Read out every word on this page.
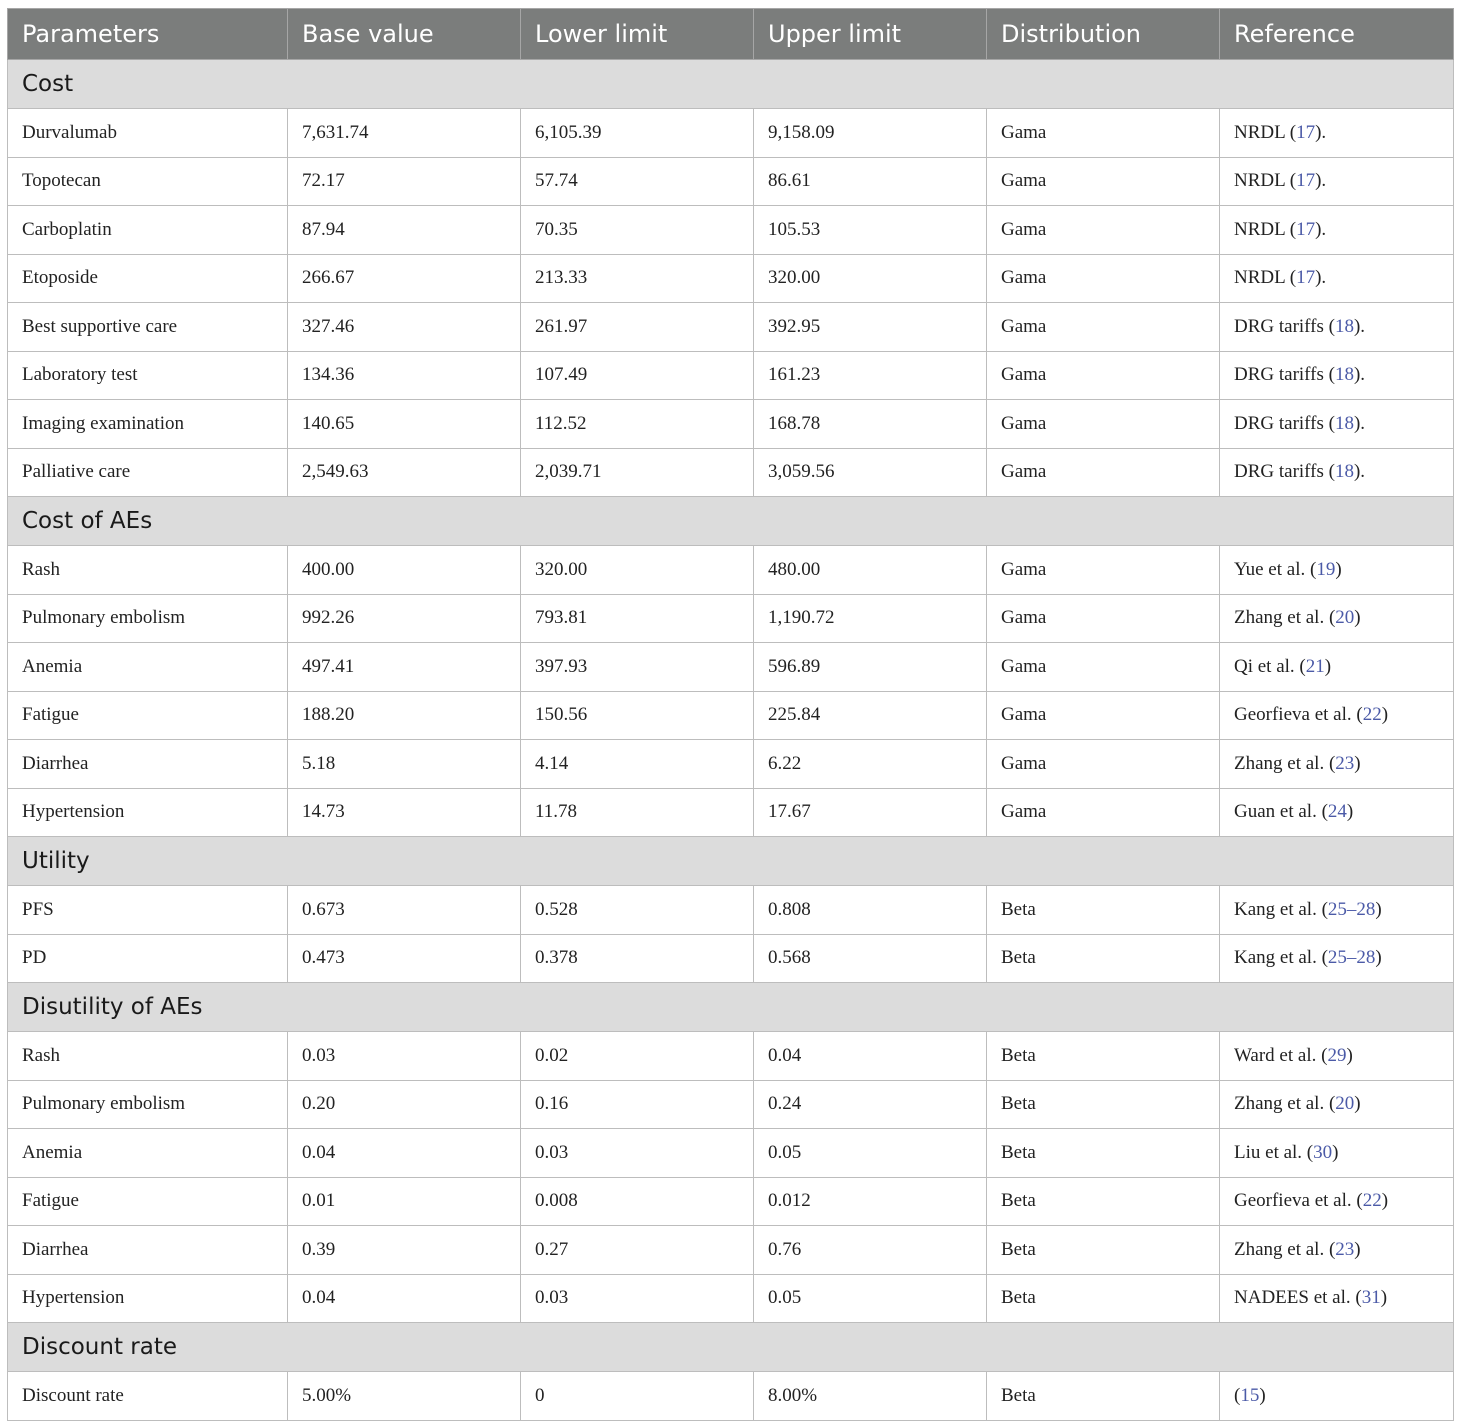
Parameters	Base value	Lower limit	Upper limit	Distribution	Reference
Cost					
Durvalumab	7,631.74	6,105.39	9,158.09	Gama	NRDL (17).
Topotecan	72.17	57.74	86.61	Gama	NRDL (17).
Carboplatin	87.94	70.35	105.53	Gama	NRDL (17).
Etoposide	266.67	213.33	320.00	Gama	NRDL (17).
Best supportive care	327.46	261.97	392.95	Gama	DRG tariffs (18).
Laboratory test	134.36	107.49	161.23	Gama	DRG tariffs (18).
Imaging examination	140.65	112.52	168.78	Gama	DRG tariffs (18).
Palliative care	2,549.63	2,039.71	3,059.56	Gama	DRG tariffs (18).
Cost of AEs					
Rash	400.00	320.00	480.00	Gama	Yue et al. (19)
Pulmonary embolism	992.26	793.81	1,190.72	Gama	Zhang et al. (20)
Anemia	497.41	397.93	596.89	Gama	Qi et al. (21)
Fatigue	188.20	150.56	225.84	Gama	Georfieva et al. (22)
Diarrhea	5.18	4.14	6.22	Gama	Zhang et al. (23)
Hypertension	14.73	11.78	17.67	Gama	Guan et al. (24)
Utility					
PFS	0.673	0.528	0.808	Beta	Kang et al. (25–28)
PD	0.473	0.378	0.568	Beta	Kang et al. (25–28)
Disutility of AEs					
Rash	0.03	0.02	0.04	Beta	Ward et al. (29)
Pulmonary embolism	0.20	0.16	0.24	Beta	Zhang et al. (20)
Anemia	0.04	0.03	0.05	Beta	Liu et al. (30)
Fatigue	0.01	0.008	0.012	Beta	Georfieva et al. (22)
Diarrhea	0.39	0.27	0.76	Beta	Zhang et al. (23)
Hypertension	0.04	0.03	0.05	Beta	NADEES et al. (31)
Discount rate					
Discount rate	5.00%	0	8.00%	Beta	(15)
